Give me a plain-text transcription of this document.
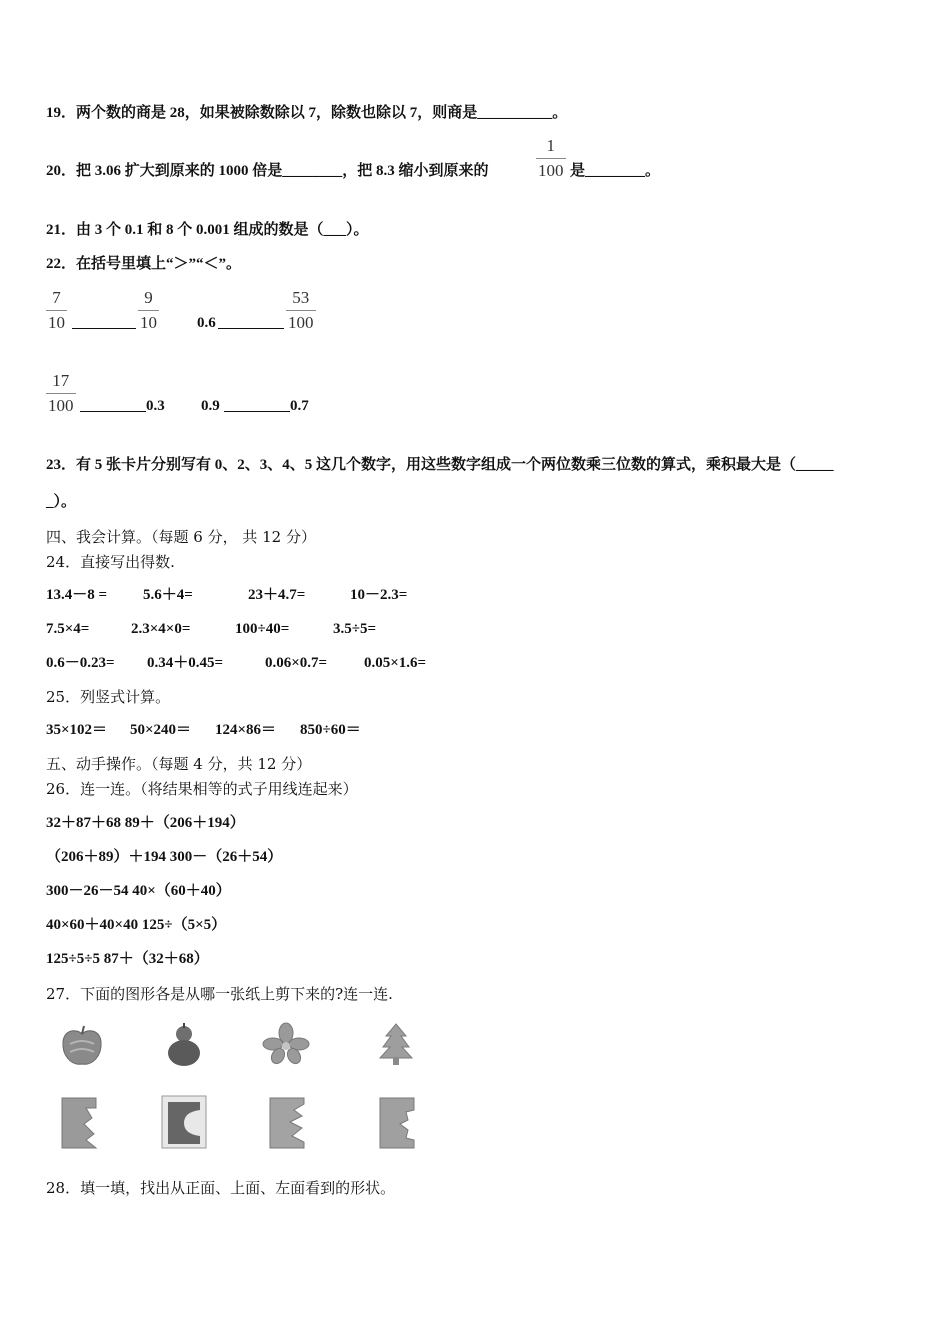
19．两个数的商是 28，如果被除数除以 7，除数也除以 7，则商是__________。
20．把 3.06 扩大到原来的 1000 倍是________，把 8.3 缩小到原来的
1
100 是________。
21．由 3 个 0.1 和 8 个 0.001 组成的数是（___）。
22．在括号里填上“＞”“＜”。
7
10
9
10	0.6
53
100
17
100	0.3 0.9	0.7
23．有 5 张卡片分别写有 0、2、3、4、5 这几个数字，用这些数字组成一个两位数乘三位数的算式，乘积最大是（_____
_）。
四、我会计算。（每题 6 分， 共 12 分）
24．直接写出得数.
13.4－8 = 5.6＋4=	23＋4.7=	10－2.3=
7.5×4=	2.3×4×0=	100÷40=	3.5÷5=
0.6－0.23= 0.34＋0.45=	0.06×0.7= 0.05×1.6=
25．列竖式计算。
35×102＝ 50×240＝ 124×86＝ 850÷60＝
五、动手操作。（每题 4 分，共 12 分）
26．连一连。（将结果相等的式子用线连起来）
32＋87＋68 89＋（206＋194）
（206＋89）＋194 300－（26＋54）
300－26－54 40×（60＋40）
40×60＋40×40 125÷（5×5）
125÷5÷5 87＋（32＋68）
27．下面的图形各是从哪一张纸上剪下来的?连一连.
28．填一填，找出从正面、上面、左面看到的形状。
